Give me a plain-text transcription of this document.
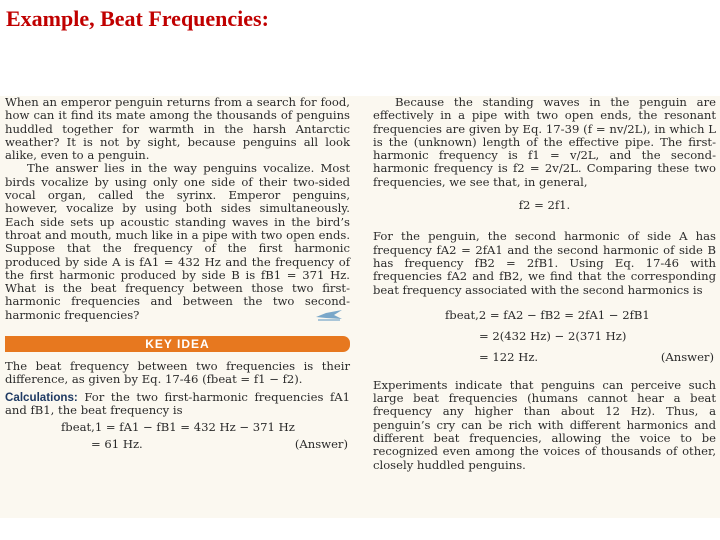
Example, Beat Frequencies:

When an emperor penguin returns from a search for food, how can it find its mate among the thousands of penguins huddled together for warmth in the harsh Antarctic weather? It is not by sight, because penguins all look alike, even to a penguin.

The answer lies in the way penguins vocalize. Most birds vocalize by using only one side of their two-sided vocal organ, called the syrinx. Emperor penguins, however, vocalize by using both sides simultaneously. Each side sets up acoustic standing waves in the bird’s throat and mouth, much like in a pipe with two open ends. Suppose that the frequency of the first harmonic produced by side A is fA1 = 432 Hz and the frequency of the first harmonic produced by side B is fB1 = 371 Hz. What is the beat frequency between those two first-harmonic frequencies and between the two second-harmonic frequencies?

KEY IDEA

The beat frequency between two frequencies is their difference, as given by Eq. 17-46 (fbeat = f1 − f2).

Calculations: For the two first-harmonic frequencies fA1 and fB1, the beat frequency is

fbeat,1 = fA1 − fB1 = 432 Hz − 371 Hz
= 61 Hz.	(Answer)

Because the standing waves in the penguin are effectively in a pipe with two open ends, the resonant frequencies are given by Eq. 17-39 (f = nv/2L), in which L is the (unknown) length of the effective pipe. The first-harmonic frequency is f1 = v/2L, and the second-harmonic frequency is f2 = 2v/2L. Comparing these two frequencies, we see that, in general,

f2 = 2f1.

For the penguin, the second harmonic of side A has frequency fA2 = 2fA1 and the second harmonic of side B has frequency fB2 = 2fB1. Using Eq. 17-46 with frequencies fA2 and fB2, we find that the corresponding beat frequency associated with the second harmonics is

fbeat,2 = fA2 − fB2 = 2fA1 − 2fB1
= 2(432 Hz) − 2(371 Hz)
= 122 Hz.	(Answer)

Experiments indicate that penguins can perceive such large beat frequencies (humans cannot hear a beat frequency any higher than about 12 Hz). Thus, a penguin’s cry can be rich with different harmonics and different beat frequencies, allowing the voice to be recognized even among the voices of thousands of other, closely huddled penguins.
